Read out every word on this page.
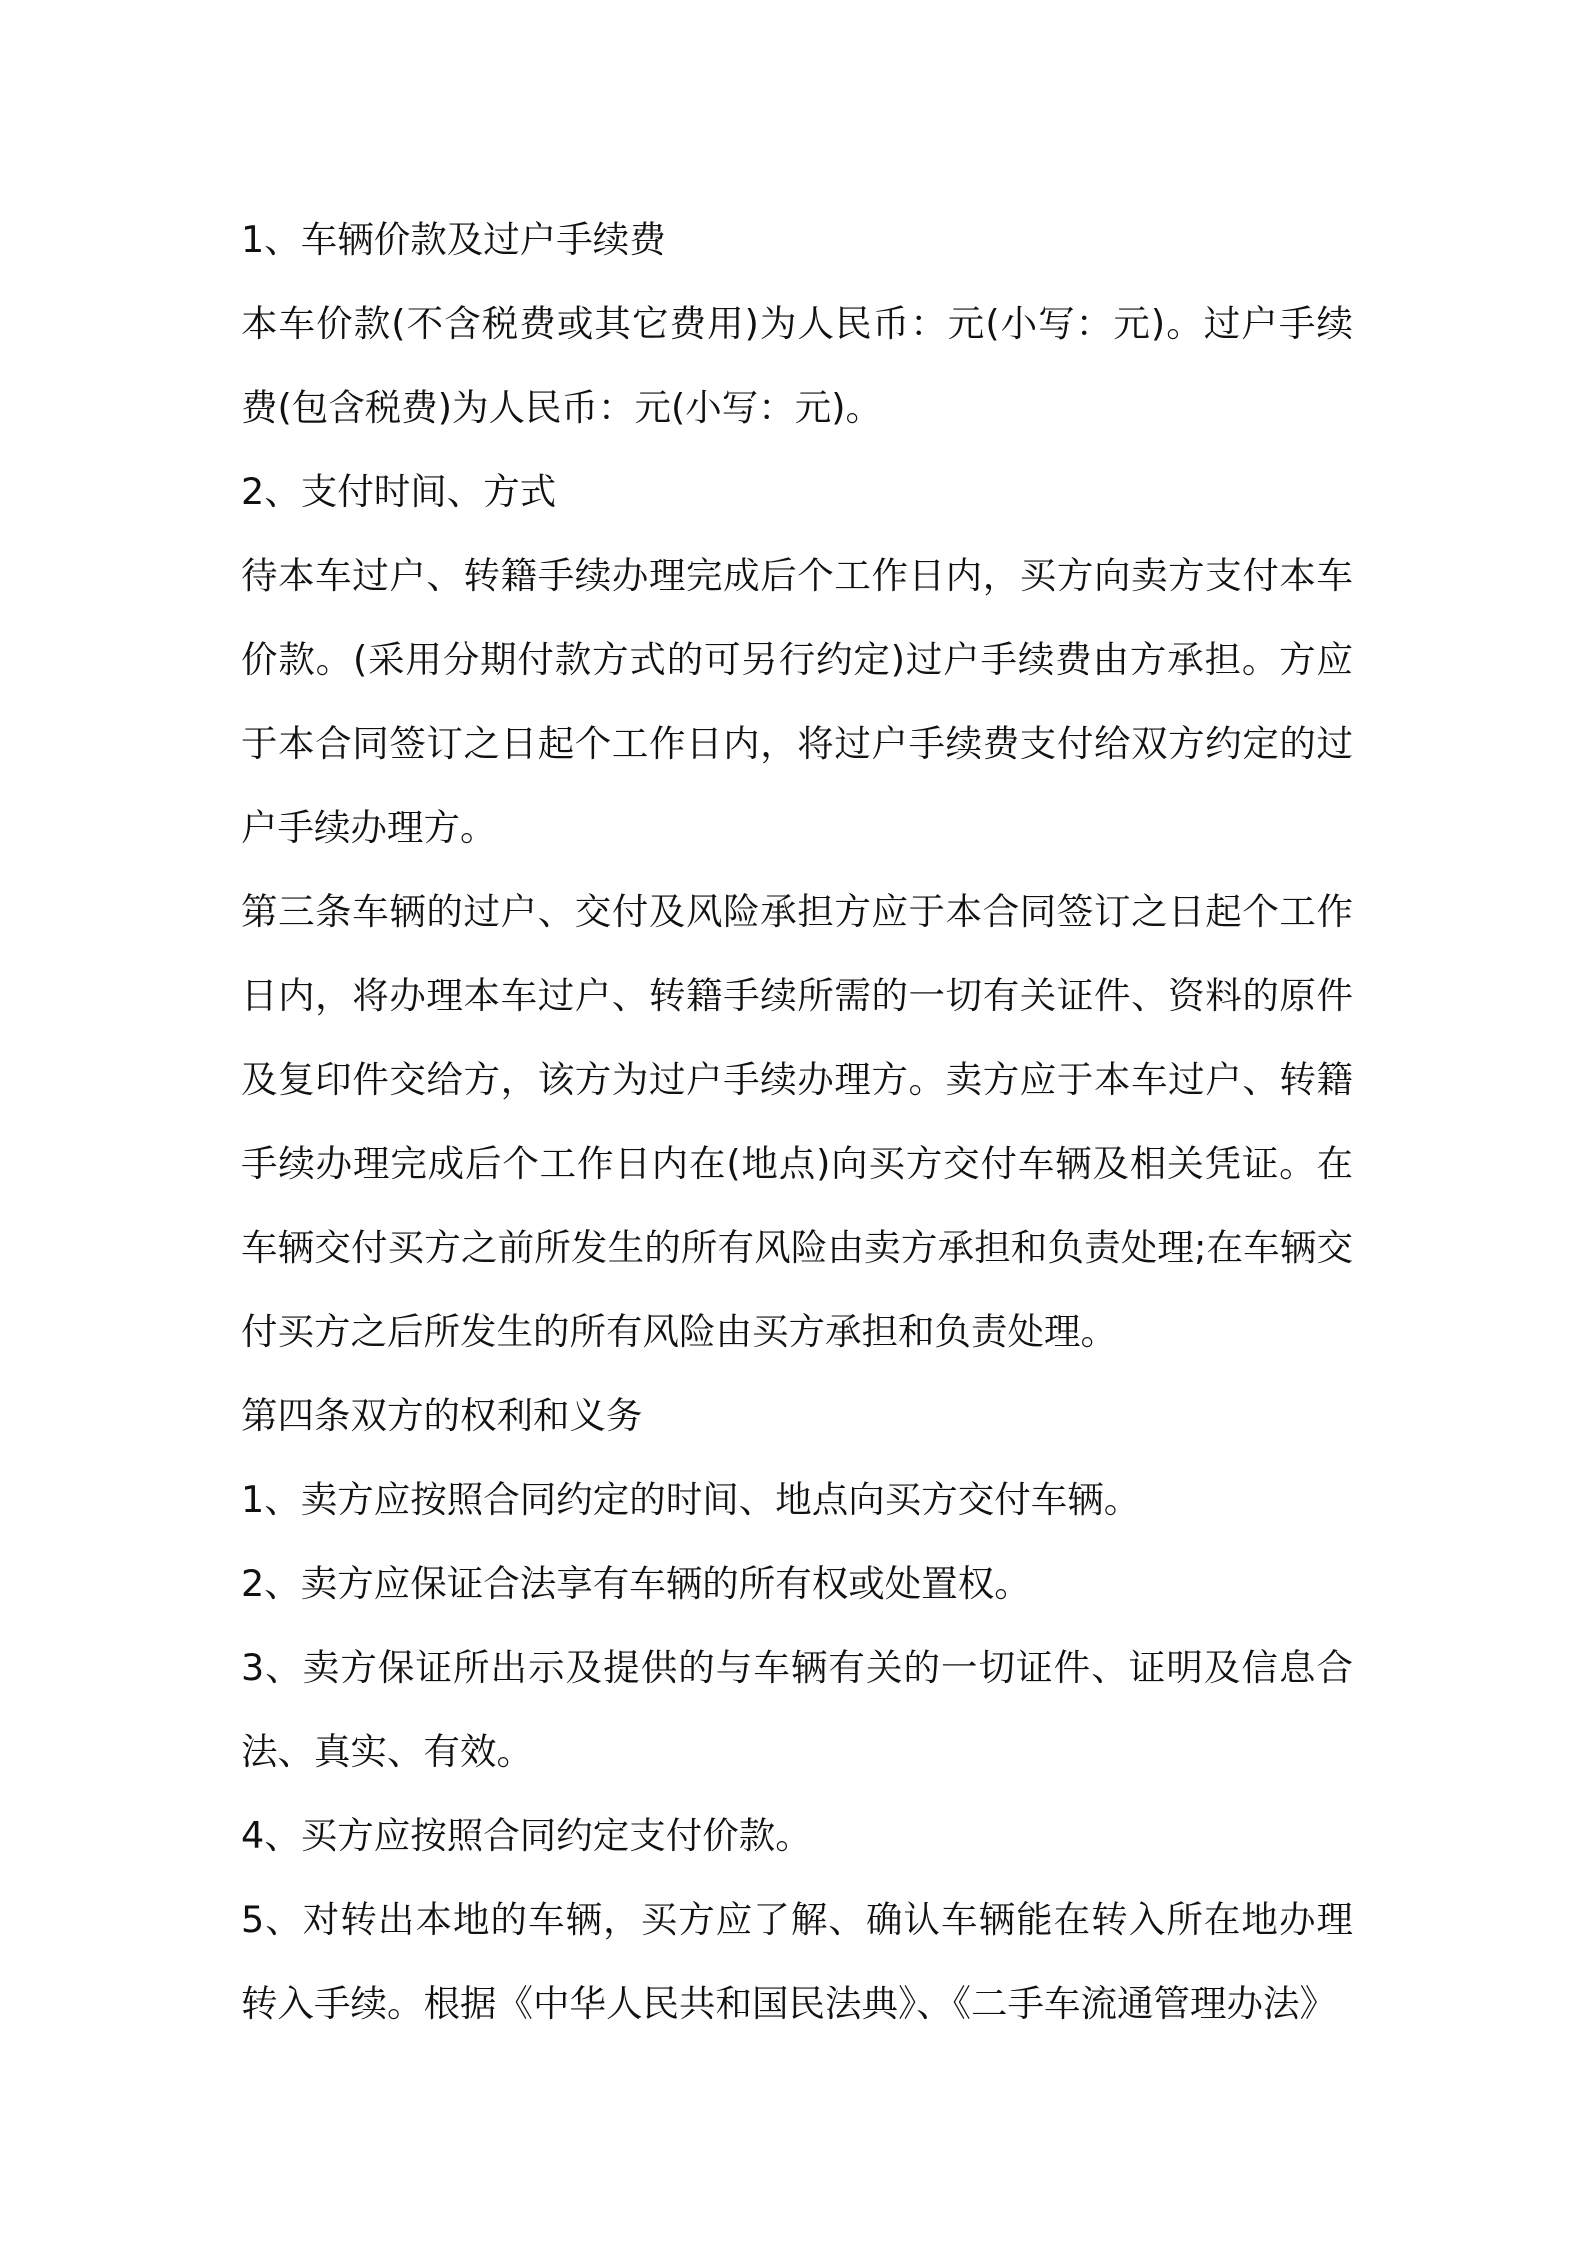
1、车辆价款及过户手续费

本车价款(不含税费或其它费用)为人民币：元(小写：元)。过户手续费(包含税费)为人民币：元(小写：元)。

2、支付时间、方式

待本车过户、转籍手续办理完成后个工作日内，买方向卖方支付本车价款。(采用分期付款方式的可另行约定)过户手续费由方承担。方应于本合同签订之日起个工作日内，将过户手续费支付给双方约定的过户手续办理方。

第三条车辆的过户、交付及风险承担方应于本合同签订之日起个工作日内，将办理本车过户、转籍手续所需的一切有关证件、资料的原件及复印件交给方，该方为过户手续办理方。卖方应于本车过户、转籍手续办理完成后个工作日内在(地点)向买方交付车辆及相关凭证。在车辆交付买方之前所发生的所有风险由卖方承担和负责处理;在车辆交付买方之后所发生的所有风险由买方承担和负责处理。

第四条双方的权利和义务

1、卖方应按照合同约定的时间、地点向买方交付车辆。

2、卖方应保证合法享有车辆的所有权或处置权。

3、卖方保证所出示及提供的与车辆有关的一切证件、证明及信息合法、真实、有效。

4、买方应按照合同约定支付价款。

5、对转出本地的车辆，买方应了解、确认车辆能在转入所在地办理转入手续。根据《中华人民共和国民法典》、《二手车流通管理办法》
